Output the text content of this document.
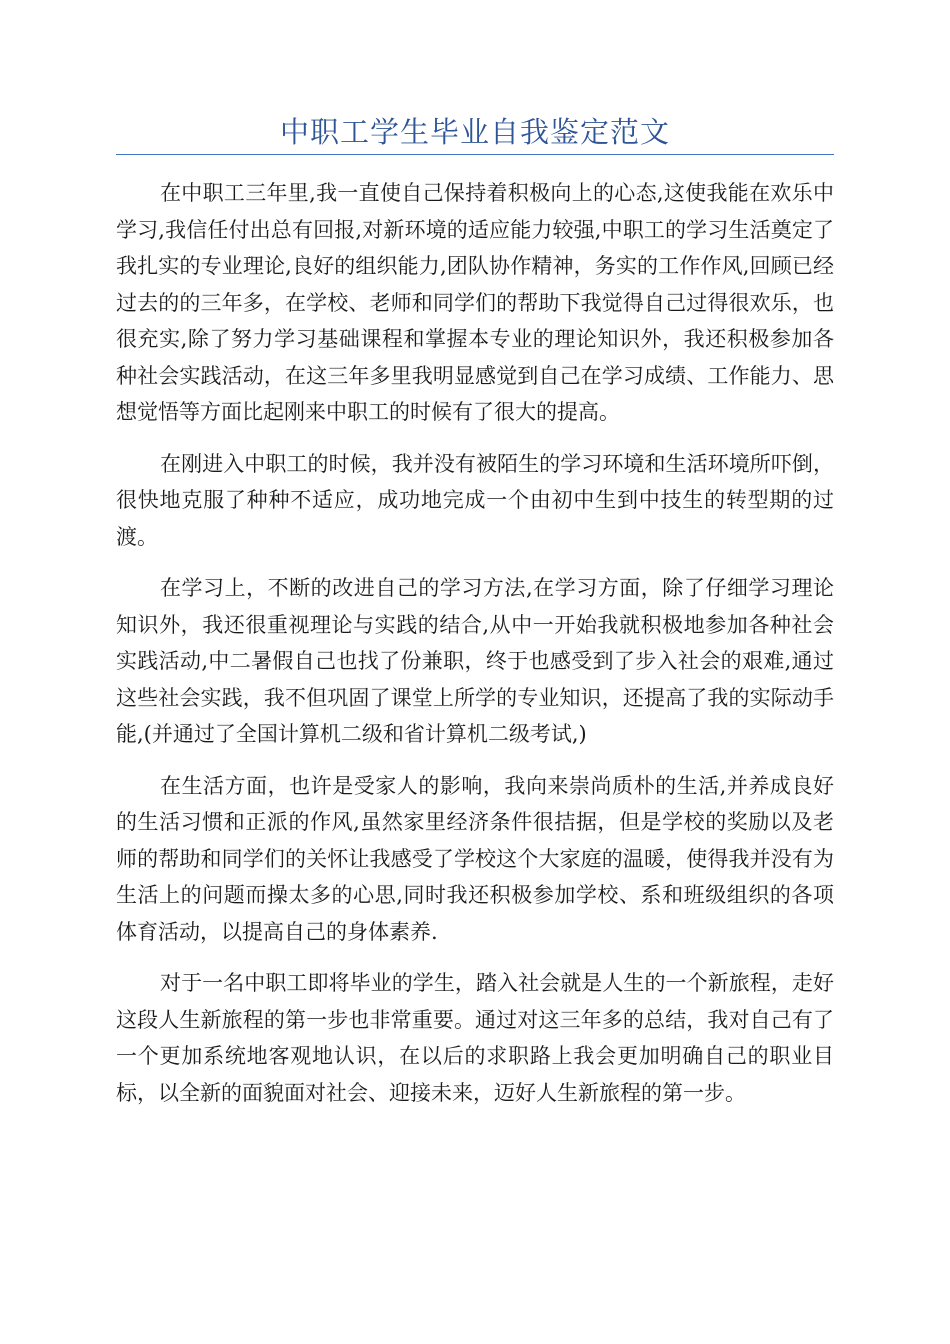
中职工学生毕业自我鉴定范文

在中职工三年里,我一直使自己保持着积极向上的心态,这使我能在欢乐中学习,我信任付出总有回报,对新环境的适应能力较强,中职工的学习生活奠定了我扎实的专业理论,良好的组织能力,团队协作精神，务实的工作作风,回顾已经过去的的三年多，在学校、老师和同学们的帮助下我觉得自己过得很欢乐，也很充实,除了努力学习基础课程和掌握本专业的理论知识外，我还积极参加各种社会实践活动，在这三年多里我明显感觉到自己在学习成绩、工作能力、思想觉悟等方面比起刚来中职工的时候有了很大的提高。

在刚进入中职工的时候，我并没有被陌生的学习环境和生活环境所吓倒，很快地克服了种种不适应，成功地完成一个由初中生到中技生的转型期的过渡。

在学习上，不断的改进自己的学习方法,在学习方面，除了仔细学习理论知识外，我还很重视理论与实践的结合,从中一开始我就积极地参加各种社会实践活动,中二暑假自己也找了份兼职，终于也感受到了步入社会的艰难,通过这些社会实践，我不但巩固了课堂上所学的专业知识，还提高了我的实际动手能,(并通过了全国计算机二级和省计算机二级考试,)

在生活方面，也许是受家人的影响，我向来崇尚质朴的生活,并养成良好的生活习惯和正派的作风,虽然家里经济条件很拮据，但是学校的奖励以及老师的帮助和同学们的关怀让我感受了学校这个大家庭的温暖，使得我并没有为生活上的问题而操太多的心思,同时我还积极参加学校、系和班级组织的各项体育活动，以提高自己的身体素养.

对于一名中职工即将毕业的学生，踏入社会就是人生的一个新旅程，走好这段人生新旅程的第一步也非常重要。通过对这三年多的总结，我对自己有了一个更加系统地客观地认识，在以后的求职路上我会更加明确自己的职业目标，以全新的面貌面对社会、迎接未来，迈好人生新旅程的第一步。
